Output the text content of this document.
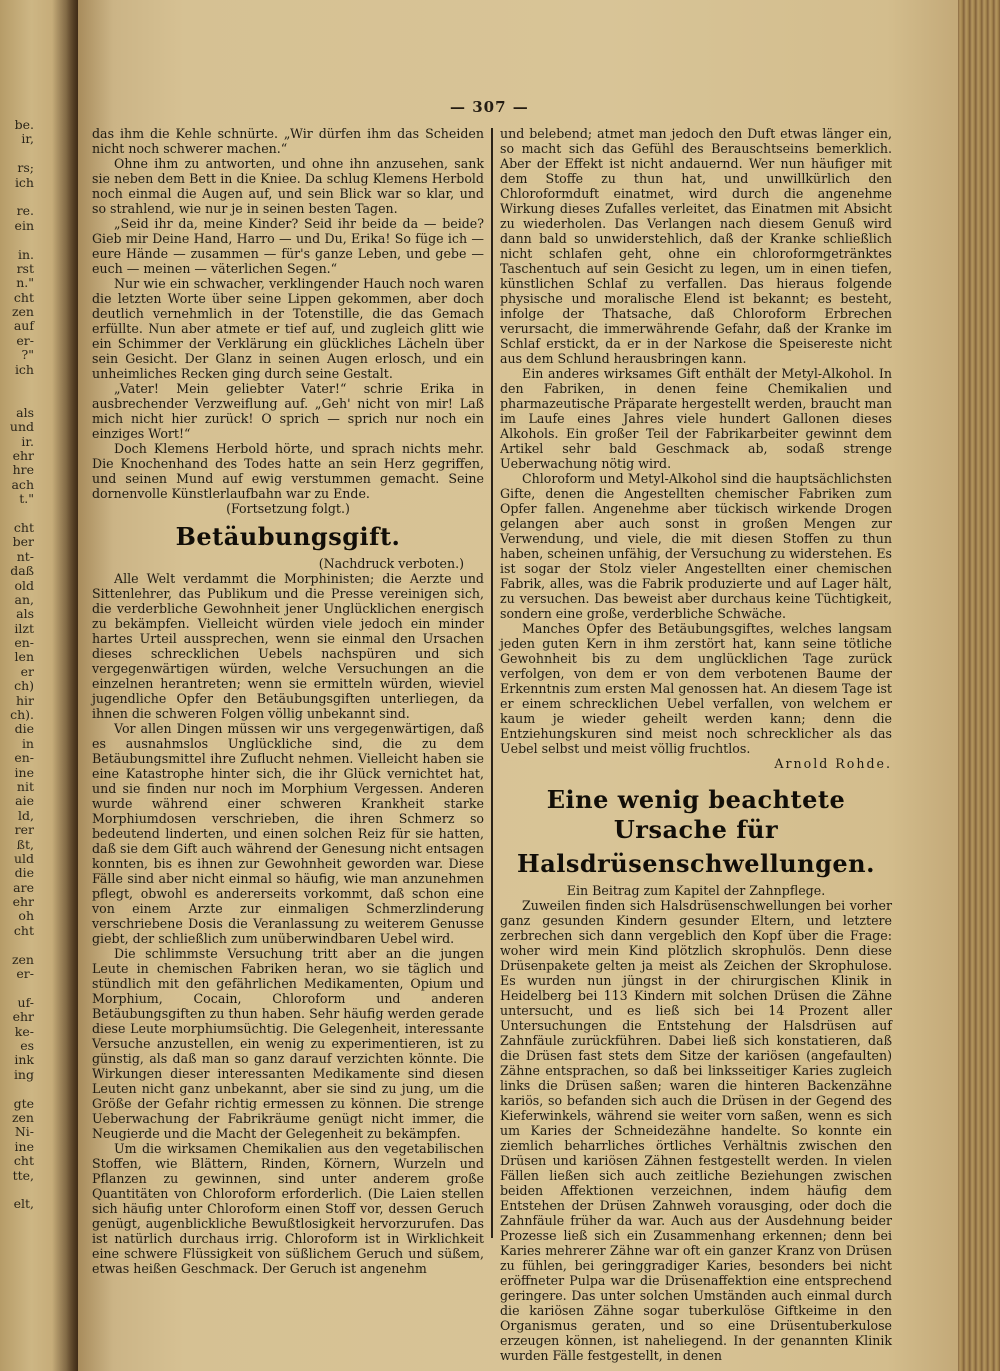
be.
ir,
rs;
ich
re.
ein
in.
rst
n."
cht
zen
auf
er-
?"
ich
als
und
ir.
ehr
hre
ach
t."
cht
ber
nt-
daß
old
an,
als
ilzt
en-
len
er
ch)
hir
ch).
die
in
en-
ine
nit
aie
ld,
rer
ßt,
uld
die
are
ehr
oh
cht
zen
er-
uf-
ehr
ke-
es
ink
ing
gte
zen
Ni-
ine
cht
tte,
elt,
— 307 —

das ihm die Kehle schnürte. „Wir dürfen ihm das Scheiden nicht noch schwerer machen.“

Ohne ihm zu antworten, und ohne ihn anzusehen, sank sie neben dem Bett in die Kniee. Da schlug Klemens Herbold noch einmal die Augen auf, und sein Blick war so klar, und so strahlend, wie nur je in seinen besten Tagen.

„Seid ihr da, meine Kinder? Seid ihr beide da — beide? Gieb mir Deine Hand, Harro — und Du, Erika! So füge ich — eure Hände — zusammen — für's ganze Leben, und gebe — euch — meinen — väterlichen Segen.“

Nur wie ein schwacher, verklingender Hauch noch waren die letzten Worte über seine Lippen gekommen, aber doch deutlich vernehmlich in der Totenstille, die das Gemach erfüllte. Nun aber atmete er tief auf, und zugleich glitt wie ein Schimmer der Verklärung ein glückliches Lächeln über sein Gesicht. Der Glanz in seinen Augen erlosch, und ein unheimliches Recken ging durch seine Gestalt.

„Vater! Mein geliebter Vater!“ schrie Erika in ausbrechender Verzweiflung auf. „Geh' nicht von mir! Laß mich nicht hier zurück! O sprich — sprich nur noch ein einziges Wort!“

Doch Klemens Herbold hörte, und sprach nichts mehr. Die Knochenhand des Todes hatte an sein Herz gegriffen, und seinen Mund auf ewig verstummen gemacht. Seine dornenvolle Künstlerlaufbahn war zu Ende.

(Fortsetzung folgt.)

Betäubungsgift.

(Nachdruck verboten.)

Alle Welt verdammt die Morphinisten; die Aerzte und Sittenlehrer, das Publikum und die Presse vereinigen sich, die verderbliche Gewohnheit jener Unglücklichen energisch zu bekämpfen. Vielleicht würden viele jedoch ein minder hartes Urteil aussprechen, wenn sie einmal den Ursachen dieses schrecklichen Uebels nachspüren und sich vergegenwärtigen würden, welche Versuchungen an die einzelnen herantreten; wenn sie ermitteln würden, wieviel jugendliche Opfer den Betäubungsgiften unterliegen, da ihnen die schweren Folgen völlig unbekannt sind.

Vor allen Dingen müssen wir uns vergegenwärtigen, daß es ausnahmslos Unglückliche sind, die zu dem Betäubungsmittel ihre Zuflucht nehmen. Vielleicht haben sie eine Katastrophe hinter sich, die ihr Glück vernichtet hat, und sie finden nur noch im Morphium Vergessen. Anderen wurde während einer schweren Krankheit starke Morphiumdosen verschrieben, die ihren Schmerz so bedeutend linderten, und einen solchen Reiz für sie hatten, daß sie dem Gift auch während der Genesung nicht entsagen konnten, bis es ihnen zur Gewohnheit geworden war. Diese Fälle sind aber nicht einmal so häufig, wie man anzunehmen pflegt, obwohl es andererseits vorkommt, daß schon eine von einem Arzte zur einmaligen Schmerzlinderung verschriebene Dosis die Veranlassung zu weiterem Genusse giebt, der schließlich zum unüberwindbaren Uebel wird.

Die schlimmste Versuchung tritt aber an die jungen Leute in chemischen Fabriken heran, wo sie täglich und stündlich mit den gefährlichen Medikamenten, Opium und Morphium, Cocain, Chloroform und anderen Betäubungsgiften zu thun haben. Sehr häufig werden gerade diese Leute morphiumsüchtig. Die Gelegenheit, interessante Versuche anzustellen, ein wenig zu experimentieren, ist zu günstig, als daß man so ganz darauf verzichten könnte. Die Wirkungen dieser interessanten Medikamente sind diesen Leuten nicht ganz unbekannt, aber sie sind zu jung, um die Größe der Gefahr richtig ermessen zu können. Die strenge Ueberwachung der Fabrikräume genügt nicht immer, die Neugierde und die Macht der Gelegenheit zu bekämpfen.

Um die wirksamen Chemikalien aus den vegetabilischen Stoffen, wie Blättern, Rinden, Körnern, Wurzeln und Pflanzen zu gewinnen, sind unter anderem große Quantitäten von Chloroform erforderlich. (Die Laien stellen sich häufig unter Chloroform einen Stoff vor, dessen Geruch genügt, augenblickliche Bewußtlosigkeit hervorzurufen. Das ist natürlich durchaus irrig. Chloroform ist in Wirklichkeit eine schwere Flüssigkeit von süßlichem Geruch und süßem, etwas heißen Geschmack. Der Geruch ist angenehm

und belebend; atmet man jedoch den Duft etwas länger ein, so macht sich das Gefühl des Berauschtseins bemerklich. Aber der Effekt ist nicht andauernd. Wer nun häufiger mit dem Stoffe zu thun hat, und unwillkürlich den Chloroformduft einatmet, wird durch die angenehme Wirkung dieses Zufalles verleitet, das Einatmen mit Absicht zu wiederholen. Das Verlangen nach diesem Genuß wird dann bald so unwiderstehlich, daß der Kranke schließlich nicht schlafen geht, ohne ein chloroformgetränktes Taschentuch auf sein Gesicht zu legen, um in einen tiefen, künstlichen Schlaf zu verfallen. Das hieraus folgende physische und moralische Elend ist bekannt; es besteht, infolge der Thatsache, daß Chloroform Erbrechen verursacht, die immerwährende Gefahr, daß der Kranke im Schlaf erstickt, da er in der Narkose die Speisereste nicht aus dem Schlund herausbringen kann.

Ein anderes wirksames Gift enthält der Metyl-Alkohol. In den Fabriken, in denen feine Chemikalien und pharmazeutische Präparate hergestellt werden, braucht man im Laufe eines Jahres viele hundert Gallonen dieses Alkohols. Ein großer Teil der Fabrikarbeiter gewinnt dem Artikel sehr bald Geschmack ab, sodaß strenge Ueberwachung nötig wird.

Chloroform und Metyl-Alkohol sind die hauptsächlichsten Gifte, denen die Angestellten chemischer Fabriken zum Opfer fallen. Angenehme aber tückisch wirkende Drogen gelangen aber auch sonst in großen Mengen zur Verwendung, und viele, die mit diesen Stoffen zu thun haben, scheinen unfähig, der Versuchung zu widerstehen. Es ist sogar der Stolz vieler Angestellten einer chemischen Fabrik, alles, was die Fabrik produzierte und auf Lager hält, zu versuchen. Das beweist aber durchaus keine Tüchtigkeit, sondern eine große, verderbliche Schwäche.

Manches Opfer des Betäubungsgiftes, welches langsam jeden guten Kern in ihm zerstört hat, kann seine tötliche Gewohnheit bis zu dem unglücklichen Tage zurück verfolgen, von dem er von dem verbotenen Baume der Erkenntnis zum ersten Mal genossen hat. An diesem Tage ist er einem schrecklichen Uebel verfallen, von welchem er kaum je wieder geheilt werden kann; denn die Entziehungskuren sind meist noch schrecklicher als das Uebel selbst und meist völlig fruchtlos.

Arnold Rohde.

Eine wenig beachtete Ursache für
Halsdrüsenschwellungen.

Ein Beitrag zum Kapitel der Zahnpflege.

Zuweilen finden sich Halsdrüsenschwellungen bei vorher ganz gesunden Kindern gesunder Eltern, und letztere zerbrechen sich dann vergeblich den Kopf über die Frage: woher wird mein Kind plötzlich skrophulös. Denn diese Drüsenpakete gelten ja meist als Zeichen der Skrophulose. Es wurden nun jüngst in der chirurgischen Klinik in Heidelberg bei 113 Kindern mit solchen Drüsen die Zähne untersucht, und es ließ sich bei 14 Prozent aller Untersuchungen die Entstehung der Halsdrüsen auf Zahnfäule zurückführen. Dabei ließ sich konstatieren, daß die Drüsen fast stets dem Sitze der kariösen (angefaulten) Zähne entsprachen, so daß bei linksseitiger Karies zugleich links die Drüsen saßen; waren die hinteren Backenzähne kariös, so befanden sich auch die Drüsen in der Gegend des Kieferwinkels, während sie weiter vorn saßen, wenn es sich um Karies der Schneidezähne handelte. So konnte ein ziemlich beharrliches örtliches Verhältnis zwischen den Drüsen und kariösen Zähnen festgestellt werden. In vielen Fällen ließen sich auch zeitliche Beziehungen zwischen beiden Affektionen verzeichnen, indem häufig dem Entstehen der Drüsen Zahnweh vorausging, oder doch die Zahnfäule früher da war. Auch aus der Ausdehnung beider Prozesse ließ sich ein Zusammenhang erkennen; denn bei Karies mehrerer Zähne war oft ein ganzer Kranz von Drüsen zu fühlen, bei geringgradiger Karies, besonders bei nicht eröffneter Pulpa war die Drüsenaffektion eine entsprechend geringere. Das unter solchen Umständen auch einmal durch die kariösen Zähne sogar tuberkulöse Giftkeime in den Organismus geraten, und so eine Drüsentuberkulose erzeugen können, ist naheliegend. In der genannten Klinik wurden Fälle festgestellt, in denen
